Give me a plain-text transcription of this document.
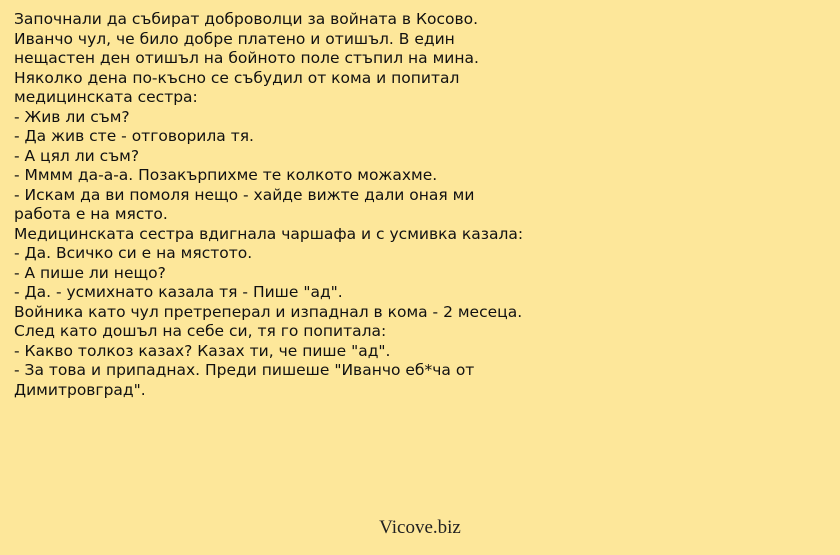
Започнали да събират доброволци за войната в Косово.
Иванчо чул, че било добре платено и отишъл. В един
нещастен ден отишъл на бойното поле стъпил на мина.
Няколко дена по-късно се събудил от кома и попитал
медицинската сестра:
- Жив ли съм?
- Да жив сте - отговорила тя.
- А цял ли съм?
- Мммм да-а-а. Позакърпихме те колкото можахме.
- Искам да ви помоля нещо - хайде вижте дали оная ми
работа е на място.
Медицинската сестра вдигнала чаршафа и с усмивка казала:
- Да. Всичко си е на мястото.
- А пише ли нещо?
- Да. - усмихнато казала тя - Пише "ад".
Войника като чул претреперал и изпаднал в кома - 2 месеца.
След като дошъл на себе си, тя го попитала:
- Какво толкоз казах? Казах ти, че пише "ад".
- За това и припаднах. Преди пишеше "Иванчо еб*ча от
Димитровград".
Vicove.biz
